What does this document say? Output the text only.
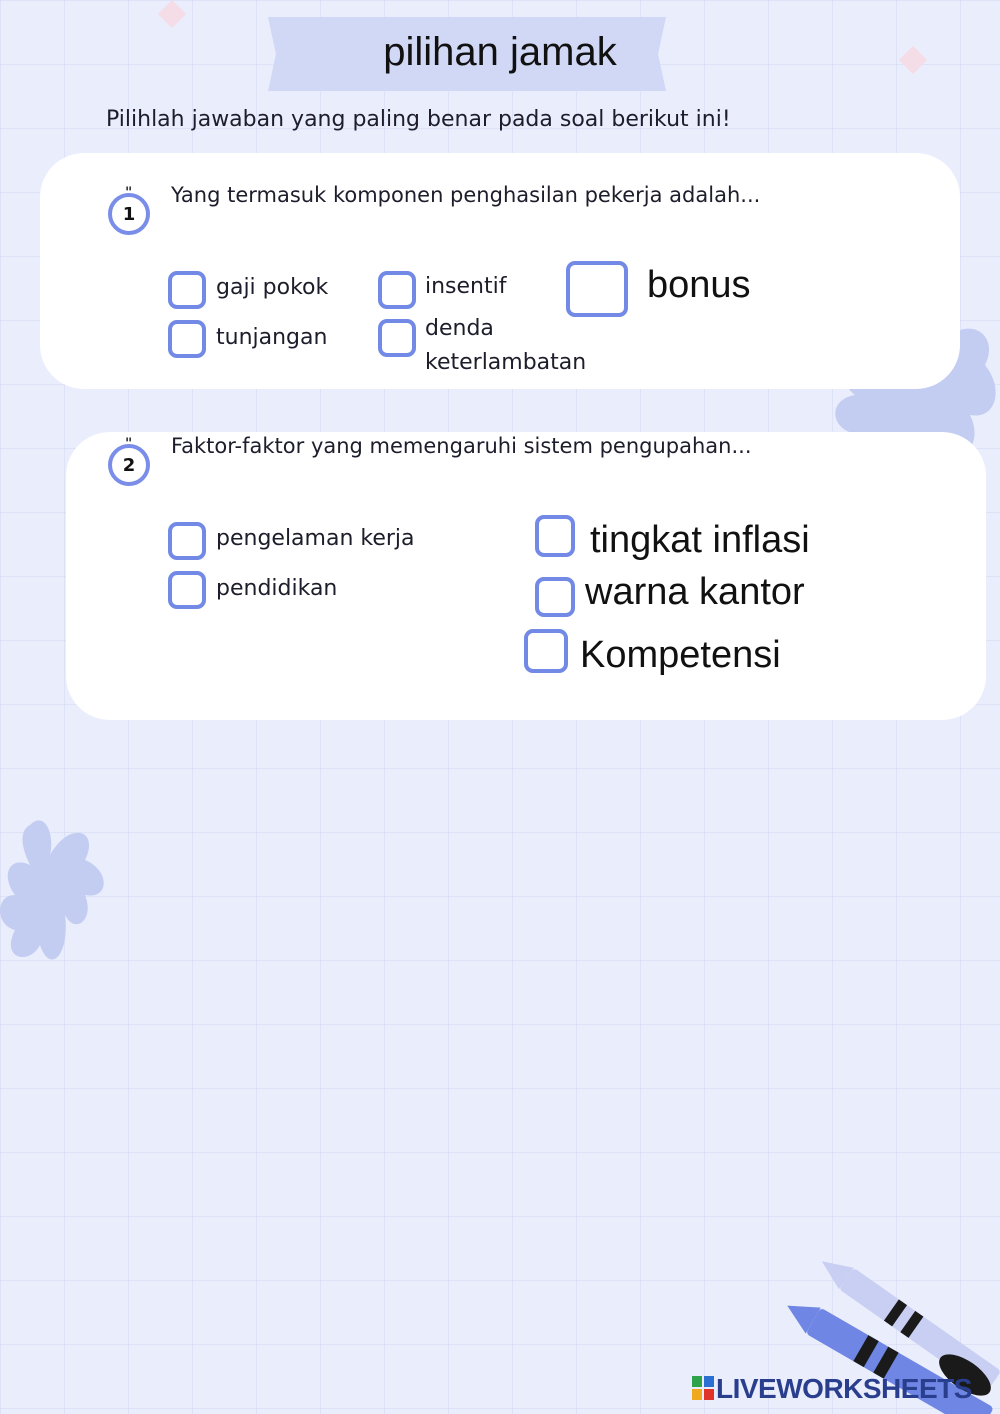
pilihan jamak
Pilihlah jawaban yang paling benar pada soal berikut ini!
1
Yang termasuk komponen penghasilan pekerja adalah...
gaji pokok	insentif	bonus
tunjangan	denda
keterlambatan
2
Faktor-faktor yang memengaruhi sistem pengupahan...
pengelaman kerja	tingkat inflasi
pendidikan	warna kantor
Kompetensi
LIVEWORKSHEETS
